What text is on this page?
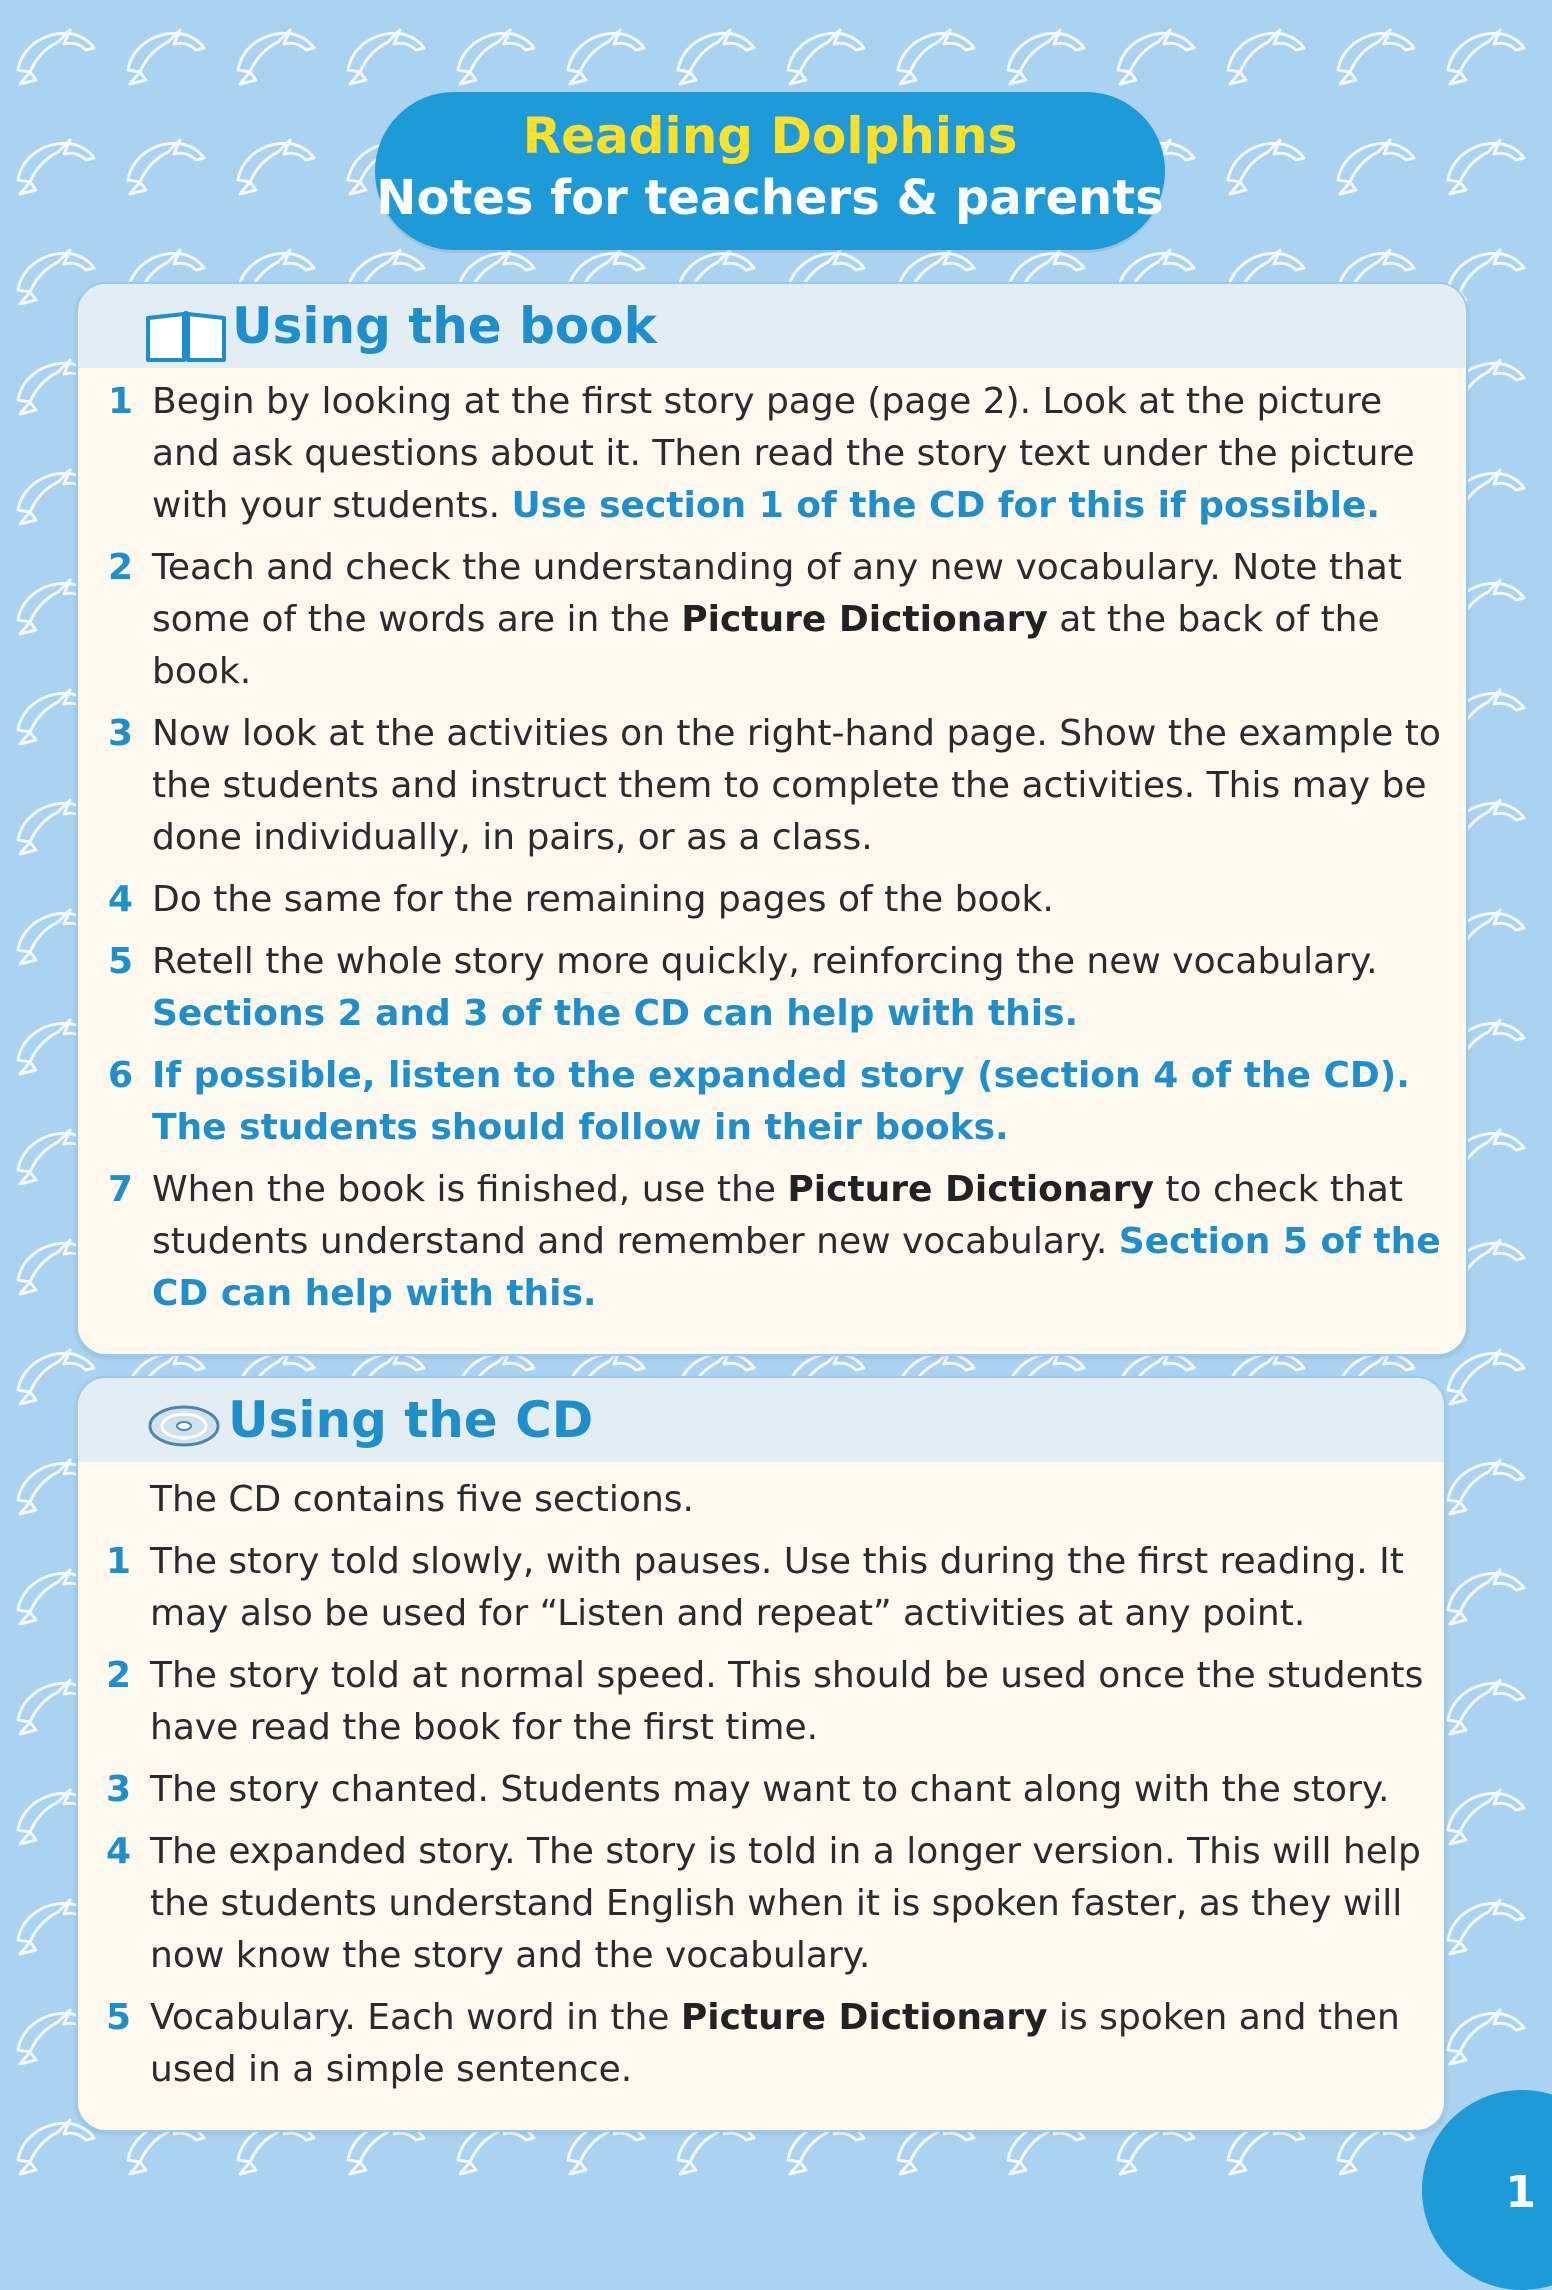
Reading Dolphins
Notes for teachers & parents
Using the book
1 Begin by looking at the first story page (page 2). Look at the picture and ask questions about it. Then read the story text under the picture with your students. Use section 1 of the CD for this if possible.
2 Teach and check the understanding of any new vocabulary. Note that some of the words are in the Picture Dictionary at the back of the book.
3 Now look at the activities on the right-hand page. Show the example to the students and instruct them to complete the activities. This may be done individually, in pairs, or as a class.
4 Do the same for the remaining pages of the book.
5 Retell the whole story more quickly, reinforcing the new vocabulary. Sections 2 and 3 of the CD can help with this.
6 If possible, listen to the expanded story (section 4 of the CD). The students should follow in their books.
7 When the book is finished, use the Picture Dictionary to check that students understand and remember new vocabulary. Section 5 of the CD can help with this.
Using the CD
The CD contains five sections.
1 The story told slowly, with pauses. Use this during the first reading. It may also be used for “Listen and repeat” activities at any point.
2 The story told at normal speed. This should be used once the students have read the book for the first time.
3 The story chanted. Students may want to chant along with the story.
4 The expanded story. The story is told in a longer version. This will help the students understand English when it is spoken faster, as they will now know the story and the vocabulary.
5 Vocabulary. Each word in the Picture Dictionary is spoken and then used in a simple sentence.
1
